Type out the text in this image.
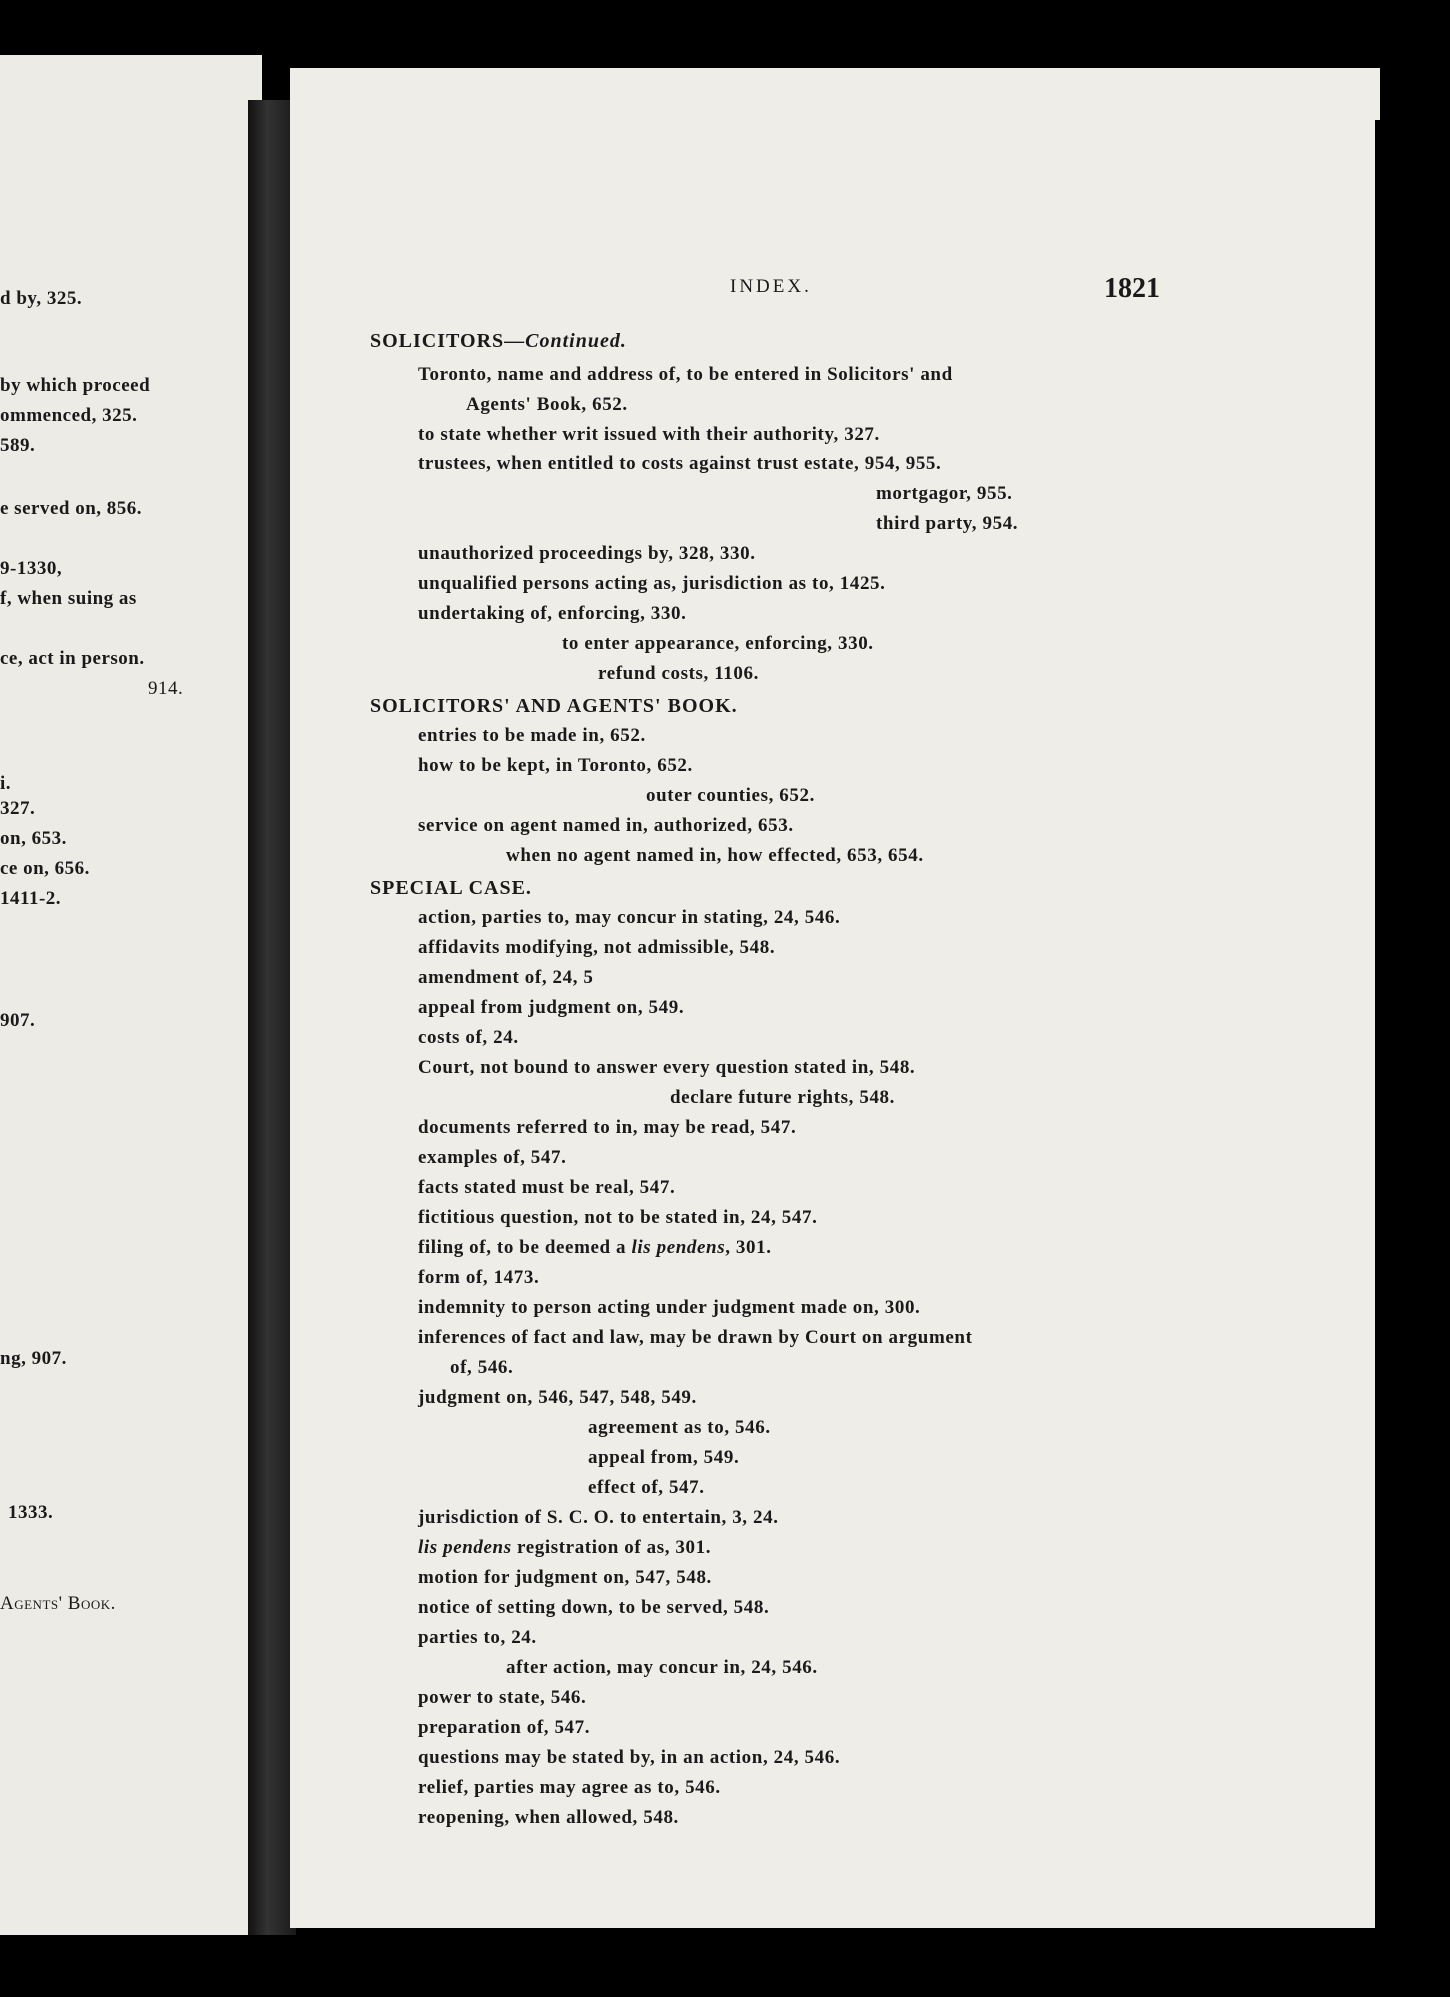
d by, 325.
by which proceed
ommenced, 325.
589.
e served on, 856.
9-1330,
f, when suing as
ce, act in person.
914.
i.
327.
on, 653.
ce on, 656.
1411-2.
907.
ng, 907.
1333.
Agents' Book.
INDEX.	1821
SOLICITORS—Continued.
Toronto, name and address of, to be entered in Solicitors' and
Agents' Book, 652.
to state whether writ issued with their authority, 327.
trustees, when entitled to costs against trust estate, 954, 955.
mortgagor, 955.
third party, 954.
unauthorized proceedings by, 328, 330.
unqualified persons acting as, jurisdiction as to, 1425.
undertaking of, enforcing, 330.
to enter appearance, enforcing, 330.
refund costs, 1106.
SOLICITORS' AND AGENTS' BOOK.
entries to be made in, 652.
how to be kept, in Toronto, 652.
outer counties, 652.
service on agent named in, authorized, 653.
when no agent named in, how effected, 653, 654.
SPECIAL CASE.
action, parties to, may concur in stating, 24, 546.
affidavits modifying, not admissible, 548.
amendment of, 24, 5
appeal from judgment on, 549.
costs of, 24.
Court, not bound to answer every question stated in, 548.
declare future rights, 548.
documents referred to in, may be read, 547.
examples of, 547.
facts stated must be real, 547.
fictitious question, not to be stated in, 24, 547.
filing of, to be deemed a lis pendens, 301.
form of, 1473.
indemnity to person acting under judgment made on, 300.
inferences of fact and law, may be drawn by Court on argument
of, 546.
judgment on, 546, 547, 548, 549.
agreement as to, 546.
appeal from, 549.
effect of, 547.
jurisdiction of S. C. O. to entertain, 3, 24.
lis pendens registration of as, 301.
motion for judgment on, 547, 548.
notice of setting down, to be served, 548.
parties to, 24.
after action, may concur in, 24, 546.
power to state, 546.
preparation of, 547.
questions may be stated by, in an action, 24, 546.
relief, parties may agree as to, 546.
reopening, when allowed, 548.
